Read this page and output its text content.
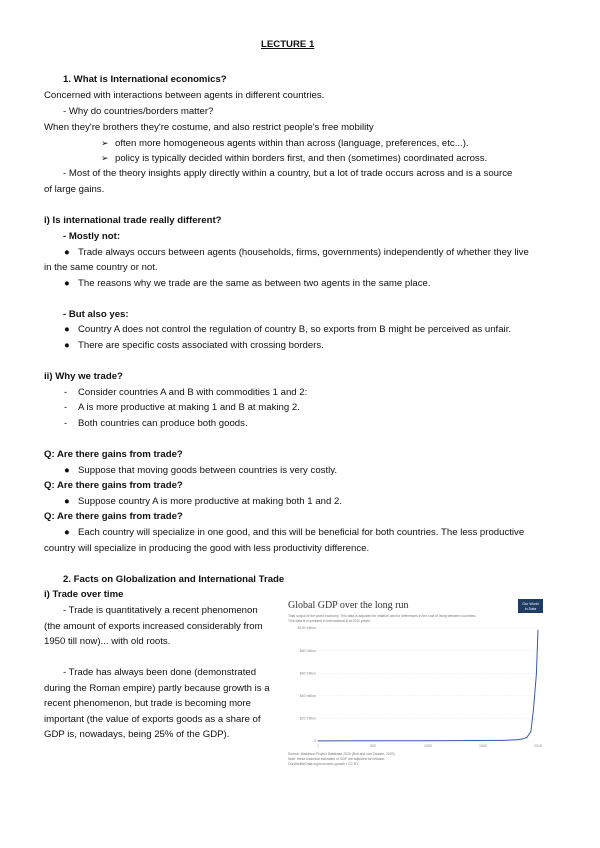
LECTURE 1
1. What is International economics?
Concerned with interactions between agents in different countries.
- Why do countries/borders matter?
When they're brothers they're costume, and also restrict people's free mobility
➢ often more homogeneous agents within than across (language, preferences, etc...).
➢ policy is typically decided within borders first, and then (sometimes) coordinated across.
- Most of the theory insights apply directly within a country, but a lot of trade occurs across and is a source
of large gains.
i) Is international trade really different?
- Mostly not:
● Trade always occurs between agents (households, firms, governments) independently of whether they live
in the same country or not.
● The reasons why we trade are the same as between two agents in the same place.
- But also yes:
● Country A does not control the regulation of country B, so exports from B might be perceived as unfair.
● There are specific costs associated with crossing borders.
ii) Why we trade?
- Consider countries A and B with commodities 1 and 2:
- A is more productive at making 1 and B at making 2.
- Both countries can produce both goods.
Q: Are there gains from trade?
● Suppose that moving goods between countries is very costly.
Q: Are there gains from trade?
● Suppose country A is more productive at making both 1 and 2.
Q: Are there gains from trade?
● Each country will specialize in one good, and this will be beneficial for both countries. The less productive
country will specialize in producing the good with less productivity difference.
2. Facts on Globalization and International Trade
i) Trade over time
- Trade is quantitatively a recent phenomenon
(the amount of exports increased considerably from
1950 till now)... with old roots.
- Trade has always been done (demonstrated
during the Roman empire) partly because growth is a
recent phenomenon, but trade is becoming more
important (the value of exports goods as a share of
GDP is, nowadays, being 25% of the GDP).
Global GDP over the long run
Total output of the world economy. This data is adjusted for inflation and for differences in the cost of living between countries.
This data is expressed in international-$ at 2011 prices.
Our World
in Data
0
$20 trillion
$40 trillion
$60 trillion
$80 trillion
$100 trillion
1	500	1000	1500	2015
Source: Maddison Project Database 2020 (Bolt and van Zanden, 2020)
Note: these historical estimates of GDP are adjusted for inflation.
OurWorldInData.org/economic-growth • CC BY
